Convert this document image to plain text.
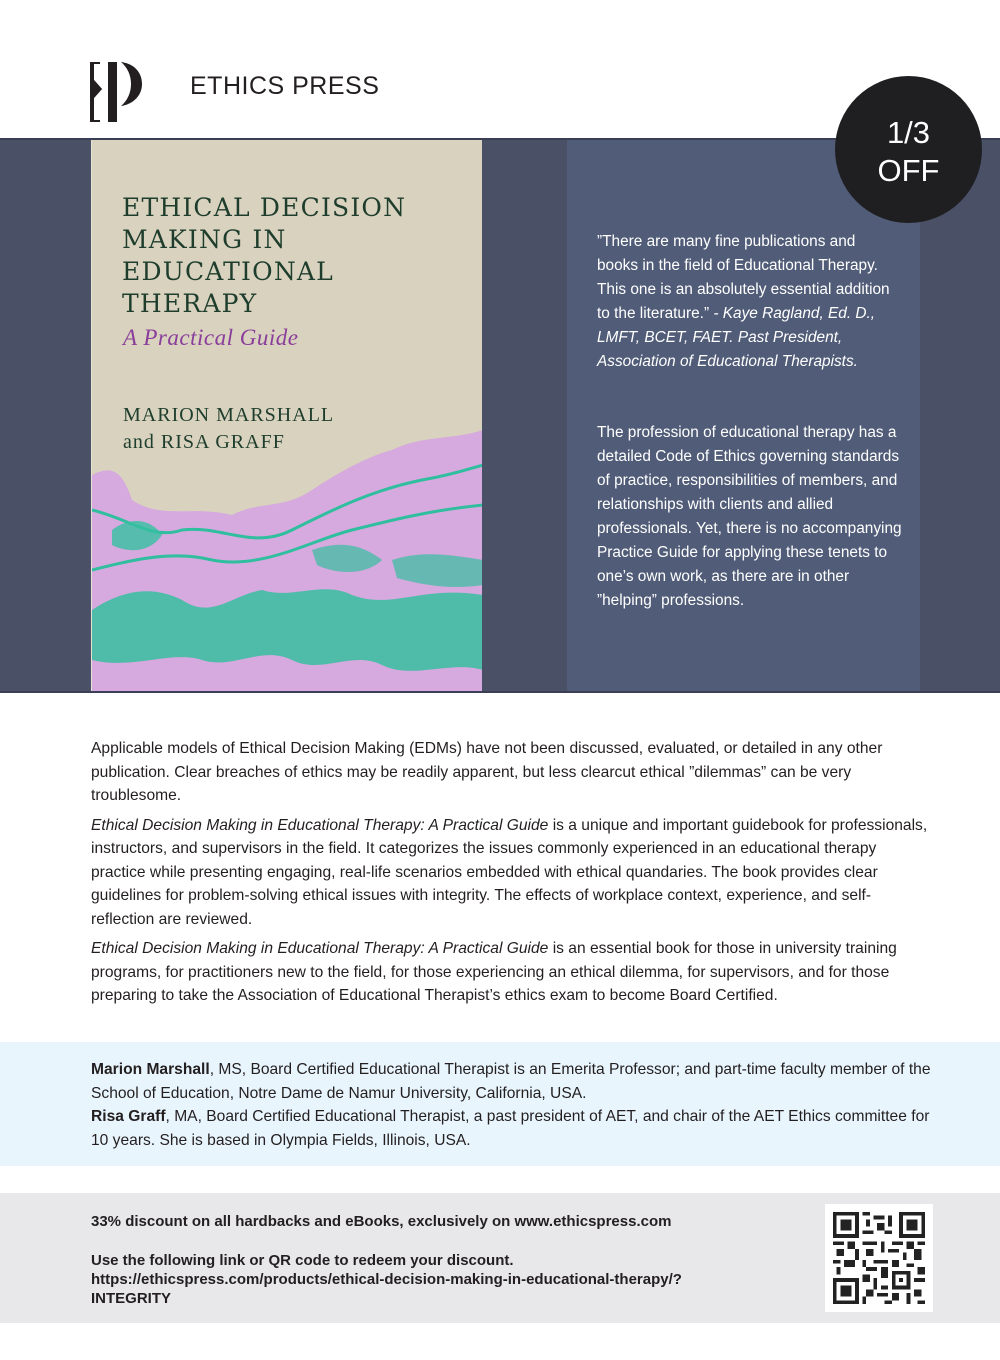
ETHICS PRESS
1/3
OFF
ETHICAL DECISION
MAKING IN
EDUCATIONAL
THERAPY
A Practical Guide
MARION MARSHALL
and RISA GRAFF
”There are many fine publications and books in the field of Educational Therapy. This one is an absolutely essential addition to the literature.” - Kaye Ragland, Ed. D., LMFT, BCET, FAET. Past President, Association of Educational Therapists.
The profession of educational therapy has a detailed Code of Ethics governing standards of practice, responsibilities of members, and relationships with clients and allied professionals. Yet, there is no accompanying Practice Guide for applying these tenets to one’s own work, as there are in other ”helping” professions.

Applicable models of Ethical Decision Making (EDMs) have not been discussed, evaluated, or detailed in any other publication. Clear breaches of ethics may be readily apparent, but less clearcut ethical ”dilemmas” can be very troublesome.

Ethical Decision Making in Educational Therapy: A Practical Guide is a unique and important guidebook for professionals, instructors, and supervisors in the field. It categorizes the issues commonly experienced in an educational therapy practice while presenting engaging, real-life scenarios embedded with ethical quandaries. The book provides clear guidelines for problem-solving ethical issues with integrity. The effects of workplace context, experience, and self-reflection are reviewed.

Ethical Decision Making in Educational Therapy: A Practical Guide is an essential book for those in university training programs, for practitioners new to the field, for those experiencing an ethical dilemma, for supervisors, and for those preparing to take the Association of Educational Therapist’s ethics exam to become Board Certified.

Marion Marshall, MS, Board Certified Educational Therapist is an Emerita Professor; and part-time faculty member of the School of Education, Notre Dame de Namur University, California, USA.
Risa Graff, MA, Board Certified Educational Therapist, a past president of AET, and chair of the AET Ethics committee for 10 years. She is based in Olympia Fields, Illinois, USA.
33% discount on all hardbacks and eBooks, exclusively on www.ethicspress.com
Use the following link or QR code to redeem your discount.
https://ethicspress.com/products/ethical-decision-making-in-educational-therapy/?INTEGRITY
